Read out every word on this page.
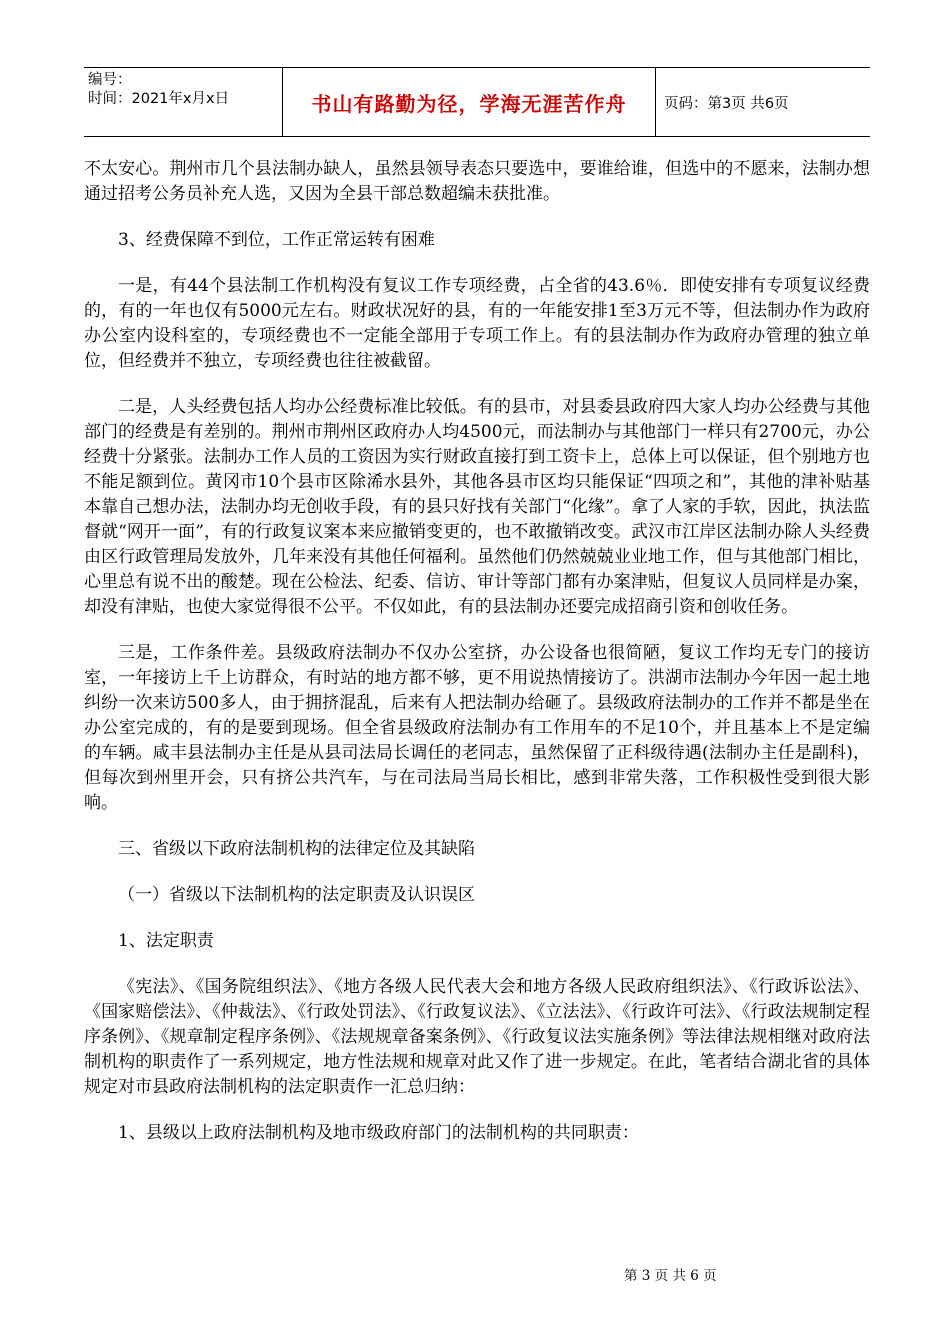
编号：
时间：2021年x月x日	书山有路勤为径，学海无涯苦作舟	页码：第3页 共6页

不太安心。荆州市几个县法制办缺人，虽然县领导表态只要选中，要谁给谁，但选中的不愿来，法制办想通过招考公务员补充人选，又因为全县干部总数超编未获批准。

3、经费保障不到位，工作正常运转有困难

一是，有44个县法制工作机构没有复议工作专项经费，占全省的43.6％．即使安排有专项复议经费的，有的一年也仅有5000元左右。财政状况好的县，有的一年能安排1至3万元不等，但法制办作为政府办公室内设科室的，专项经费也不一定能全部用于专项工作上。有的县法制办作为政府办管理的独立单位，但经费并不独立，专项经费也往往被截留。

二是，人头经费包括人均办公经费标准比较低。有的县市，对县委县政府四大家人均办公经费与其他部门的经费是有差别的。荆州市荆州区政府办人均4500元，而法制办与其他部门一样只有2700元，办公经费十分紧张。法制办工作人员的工资因为实行财政直接打到工资卡上，总体上可以保证，但个别地方也不能足额到位。黄冈市10个县市区除浠水县外，其他各县市区均只能保证“四项之和”，其他的津补贴基本靠自己想办法，法制办均无创收手段，有的县只好找有关部门“化缘”。拿了人家的手软，因此，执法监督就“网开一面”，有的行政复议案本来应撤销变更的，也不敢撤销改变。武汉市江岸区法制办除人头经费由区行政管理局发放外，几年来没有其他任何福利。虽然他们仍然兢兢业业地工作，但与其他部门相比，心里总有说不出的酸楚。现在公检法、纪委、信访、审计等部门都有办案津贴，但复议人员同样是办案，却没有津贴，也使大家觉得很不公平。不仅如此，有的县法制办还要完成招商引资和创收任务。

三是，工作条件差。县级政府法制办不仅办公室挤，办公设备也很简陋，复议工作均无专门的接访室，一年接访上千上访群众，有时站的地方都不够，更不用说热情接访了。洪湖市法制办今年因一起土地纠纷一次来访500多人，由于拥挤混乱，后来有人把法制办给砸了。县级政府法制办的工作并不都是坐在办公室完成的，有的是要到现场。但全省县级政府法制办有工作用车的不足10个，并且基本上不是定编的车辆。咸丰县法制办主任是从县司法局长调任的老同志，虽然保留了正科级待遇(法制办主任是副科)，但每次到州里开会，只有挤公共汽车，与在司法局当局长相比，感到非常失落，工作积极性受到很大影响。

三、省级以下政府法制机构的法律定位及其缺陷

（一）省级以下法制机构的法定职责及认识误区

1、法定职责

《宪法》、《国务院组织法》、《地方各级人民代表大会和地方各级人民政府组织法》、《行政诉讼法》、《国家赔偿法》、《仲裁法》、《行政处罚法》、《行政复议法》、《立法法》、《行政许可法》、《行政法规制定程序条例》、《规章制定程序条例》、《法规规章备案条例》、《行政复议法实施条例》等法律法规相继对政府法制机构的职责作了一系列规定，地方性法规和规章对此又作了进一步规定。在此，笔者结合湖北省的具体规定对市县政府法制机构的法定职责作一汇总归纳：

1、县级以上政府法制机构及地市级政府部门的法制机构的共同职责：

第 3 页 共 6 页
